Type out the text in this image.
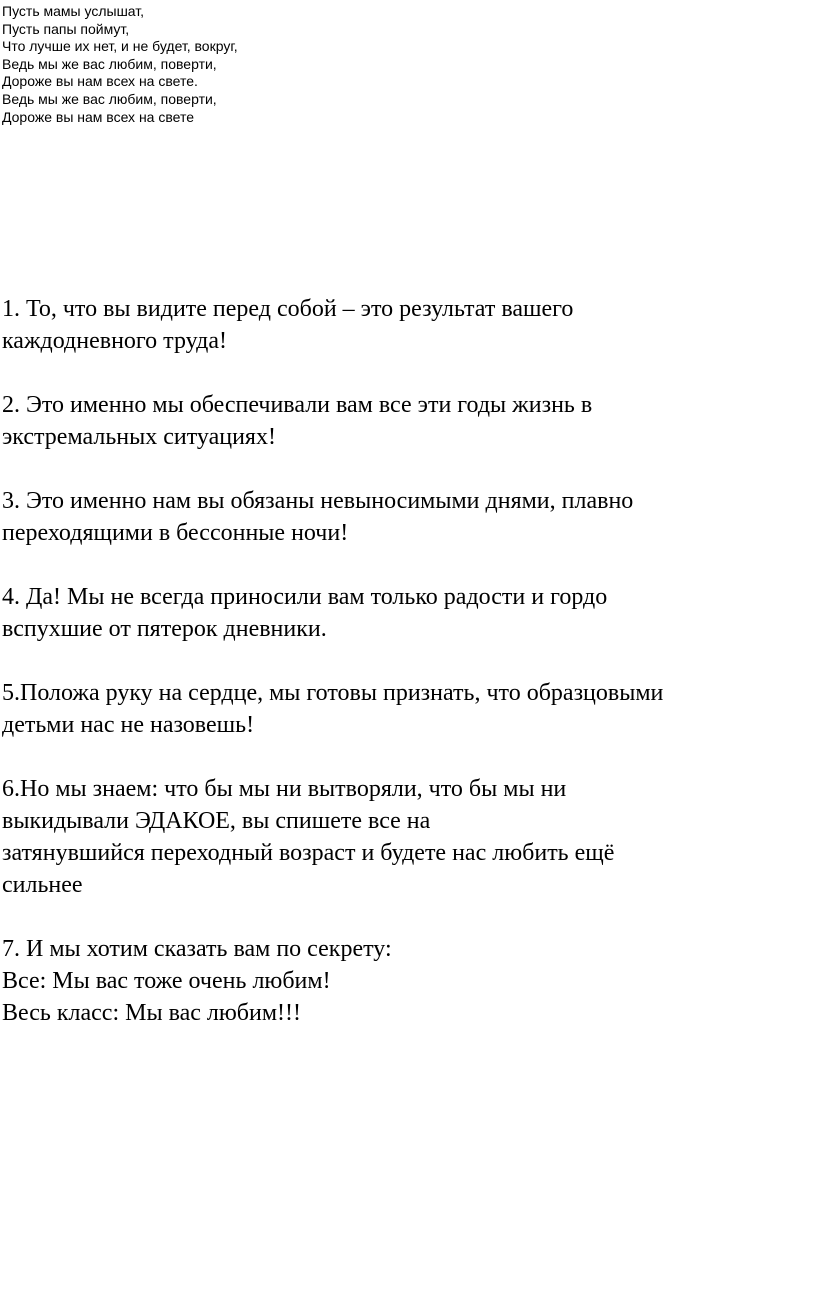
Пусть мамы услышат,
Пусть папы поймут,
Что лучше их нет, и не будет, вокруг,
Ведь мы же вас любим, поверти,
Дороже вы нам всех на свете.
Ведь мы же вас любим, поверти,
Дороже вы нам всех на свете
1. То, что вы видите перед собой – это результат вашего
каждодневного труда!
2. Это именно мы обеспечивали вам все эти годы жизнь в
экстремальных ситуациях!
3. Это именно нам вы обязаны невыносимыми днями, плавно
переходящими в бессонные ночи!
4. Да! Мы не всегда приносили вам только радости и гордо
вспухшие от пятерок дневники.
5.Положа руку на сердце, мы готовы признать, что образцовыми
детьми нас не назовешь!
6.Но мы знаем: что бы мы ни вытворяли, что бы мы ни
выкидывали ЭДАКОЕ, вы спишете все на
затянувшийся переходный возраст и будете нас любить ещё
сильнее
7. И мы хотим сказать вам по секрету:
Все: Мы вас тоже очень любим!
Весь класс: Мы вас любим!!!
